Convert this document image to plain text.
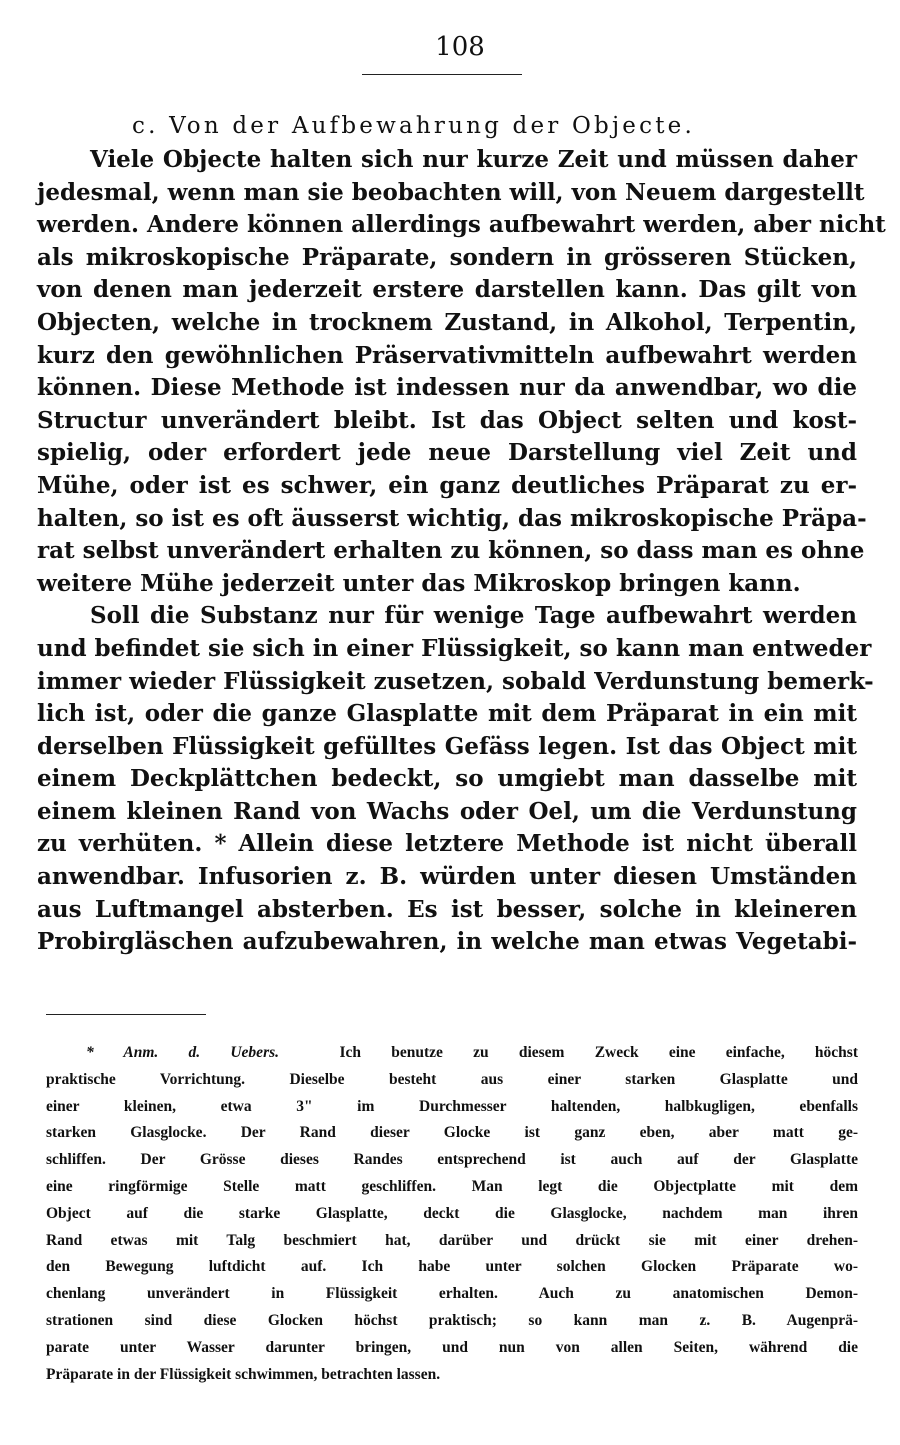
108
c. Von der Aufbewahrung der Objecte.
Viele Objecte halten sich nur kurze Zeit und müssen daher
jedesmal, wenn man sie beobachten will, von Neuem dargestellt
werden. Andere können allerdings aufbewahrt werden, aber nicht
als mikroskopische Präparate, sondern in grösseren Stücken,
von denen man jederzeit erstere darstellen kann. Das gilt von
Objecten, welche in trocknem Zustand, in Alkohol, Terpentin,
kurz den gewöhnlichen Präservativmitteln aufbewahrt werden
können. Diese Methode ist indessen nur da anwendbar, wo die
Structur unverändert bleibt. Ist das Object selten und kost-
spielig, oder erfordert jede neue Darstellung viel Zeit und
Mühe, oder ist es schwer, ein ganz deutliches Präparat zu er-
halten, so ist es oft äusserst wichtig, das mikroskopische Präpa-
rat selbst unverändert erhalten zu können, so dass man es ohne
weitere Mühe jederzeit unter das Mikroskop bringen kann.
Soll die Substanz nur für wenige Tage aufbewahrt werden
und befindet sie sich in einer Flüssigkeit, so kann man entweder
immer wieder Flüssigkeit zusetzen, sobald Verdunstung bemerk-
lich ist, oder die ganze Glasplatte mit dem Präparat in ein mit
derselben Flüssigkeit gefülltes Gefäss legen. Ist das Object mit
einem Deckplättchen bedeckt, so umgiebt man dasselbe mit
einem kleinen Rand von Wachs oder Oel, um die Verdunstung
zu verhüten. * Allein diese letztere Methode ist nicht überall
anwendbar. Infusorien z. B. würden unter diesen Umständen
aus Luftmangel absterben. Es ist besser, solche in kleineren
Probirgläschen aufzubewahren, in welche man etwas Vegetabi-
* Anm. d. Uebers.	Ich benutze zu diesem Zweck eine einfache, höchst
praktische Vorrichtung. Dieselbe besteht aus einer starken Glasplatte und
einer kleinen, etwa 3" im Durchmesser haltenden, halbkugligen, ebenfalls
starken Glasglocke. Der Rand dieser Glocke ist ganz eben, aber matt ge-
schliffen. Der Grösse dieses Randes entsprechend ist auch auf der Glasplatte
eine ringförmige Stelle matt geschliffen. Man legt die Objectplatte mit dem
Object auf die starke Glasplatte, deckt die Glasglocke, nachdem man ihren
Rand etwas mit Talg beschmiert hat, darüber und drückt sie mit einer drehen-
den Bewegung luftdicht auf. Ich habe unter solchen Glocken Präparate wo-
chenlang unverändert in Flüssigkeit erhalten. Auch zu anatomischen Demon-
strationen sind diese Glocken höchst praktisch; so kann man z. B. Augenprä-
parate unter Wasser darunter bringen, und nun von allen Seiten, während die
Präparate in der Flüssigkeit schwimmen, betrachten lassen.
